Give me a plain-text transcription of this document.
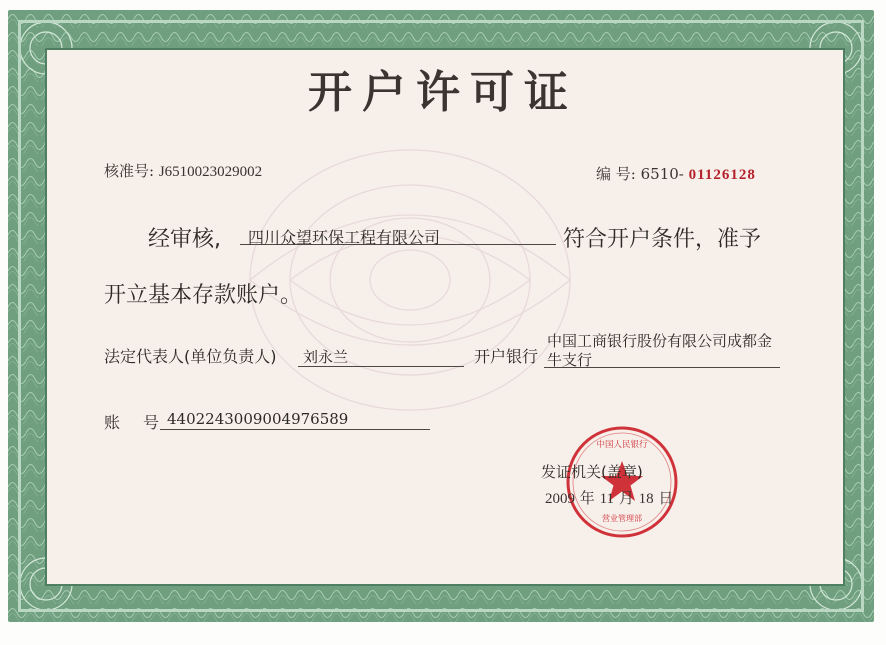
开户许可证
核准号: J6510023029002	编 号: 6510- 01126128
经审核, 四川众望环保工程有限公司	符合开户条件，准予
开立基本存款账户。
法定代表人(单位负责人) 刘永兰	开户银行
中国工商银行股份有限公司成都金
牛支行
账 号 4402243009004976589
中国人民银行
营业管理部
发证机关(盖章)
2009 年 11 月 18 日
